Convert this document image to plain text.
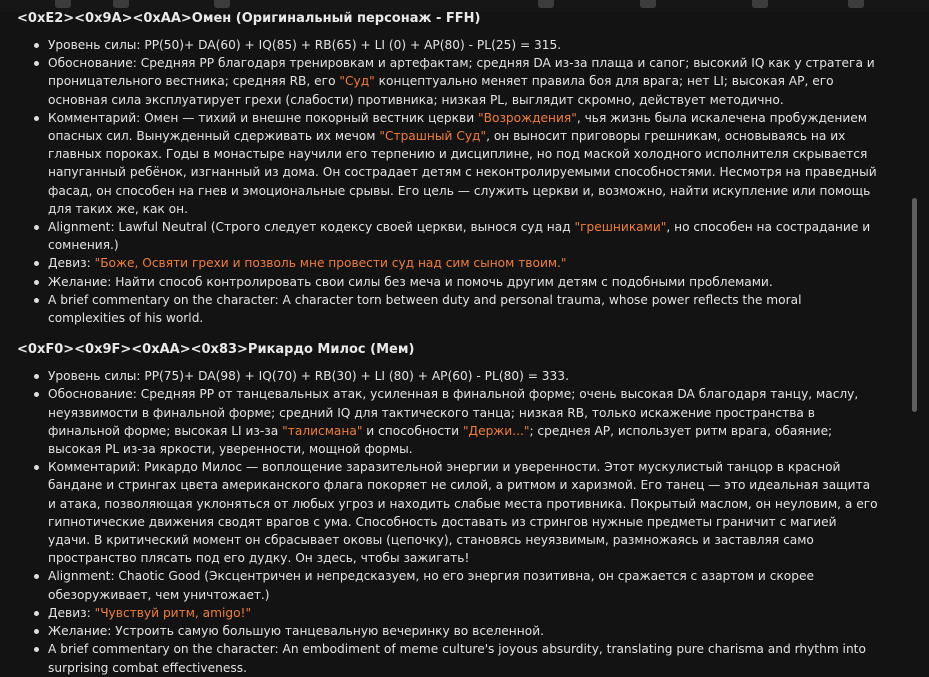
<0xE2><0x9A><0xAA>Омен (Оригинальный персонаж - FFH)
Уровень силы: PP(50)+ DA(60) + IQ(85) + RB(65) + LI (0) + AP(80) - PL(25) = 315.
Обоснование: Средняя PP благодаря тренировкам и артефактам; средняя DA из-за плаща и сапог; высокий IQ как у стратега и проницательного вестника; средняя RB, его "Суд" концептуально меняет правила боя для врага; нет LI; высокая AP, его основная сила эксплуатирует грехи (слабости) противника; низкая PL, выглядит скромно, действует методично.
Комментарий: Омен — тихий и внешне покорный вестник церкви "Возрождения", чья жизнь была искалечена пробуждением опасных сил. Вынужденный сдерживать их мечом "Страшный Суд", он выносит приговоры грешникам, основываясь на их главных пороках. Годы в монастыре научили его терпению и дисциплине, но под маской холодного исполнителя скрывается напуганный ребёнок, изгнанный из дома. Он сострадает детям с неконтролируемыми способностями. Несмотря на праведный фасад, он способен на гнев и эмоциональные срывы. Его цель — служить церкви и, возможно, найти искупление или помощь для таких же, как он.
Alignment: Lawful Neutral (Строго следует кодексу своей церкви, вынося суд над "грешниками", но способен на сострадание и сомнения.)
Девиз: "Боже, Освяти грехи и позволь мне провести суд над сим сыном твоим."
Желание: Найти способ контролировать свои силы без меча и помочь другим детям с подобными проблемами.
A brief commentary on the character: A character torn between duty and personal trauma, whose power reflects the moral complexities of his world.
<0xF0><0x9F><0xAA><0x83>Рикардо Милос (Мем)
Уровень силы: PP(75)+ DA(98) + IQ(70) + RB(30) + LI (80) + AP(60) - PL(80) = 333.
Обоснование: Средняя PP от танцевальных атак, усиленная в финальной форме; очень высокая DA благодаря танцу, маслу, неуязвимости в финальной форме; средний IQ для тактического танца; низкая RB, только искажение пространства в финальной форме; высокая LI из-за "талисмана" и способности "Держи..."; среднея AP, использует ритм врага, обаяние; высокая PL из-за яркости, уверенности, мощной формы.
Комментарий: Рикардо Милос — воплощение заразительной энергии и уверенности. Этот мускулистый танцор в красной бандане и стрингах цвета американского флага покоряет не силой, а ритмом и харизмой. Его танец — это идеальная защита и атака, позволяющая уклоняться от любых угроз и находить слабые места противника. Покрытый маслом, он неуловим, а его гипнотические движения сводят врагов с ума. Способность доставать из стрингов нужные предметы граничит с магией удачи. В критический момент он сбрасывает оковы (цепочку), становясь неуязвимым, размножаясь и заставляя само пространство плясать под его дудку. Он здесь, чтобы зажигать!
Alignment: Chaotic Good (Эксцентричен и непредсказуем, но его энергия позитивна, он сражается с азартом и скорее обезоруживает, чем уничтожает.)
Девиз: "Чувствуй ритм, amigo!"
Желание: Устроить самую большую танцевальную вечеринку во вселенной.
A brief commentary on the character: An embodiment of meme culture's joyous absurdity, translating pure charisma and rhythm into surprising combat effectiveness.
